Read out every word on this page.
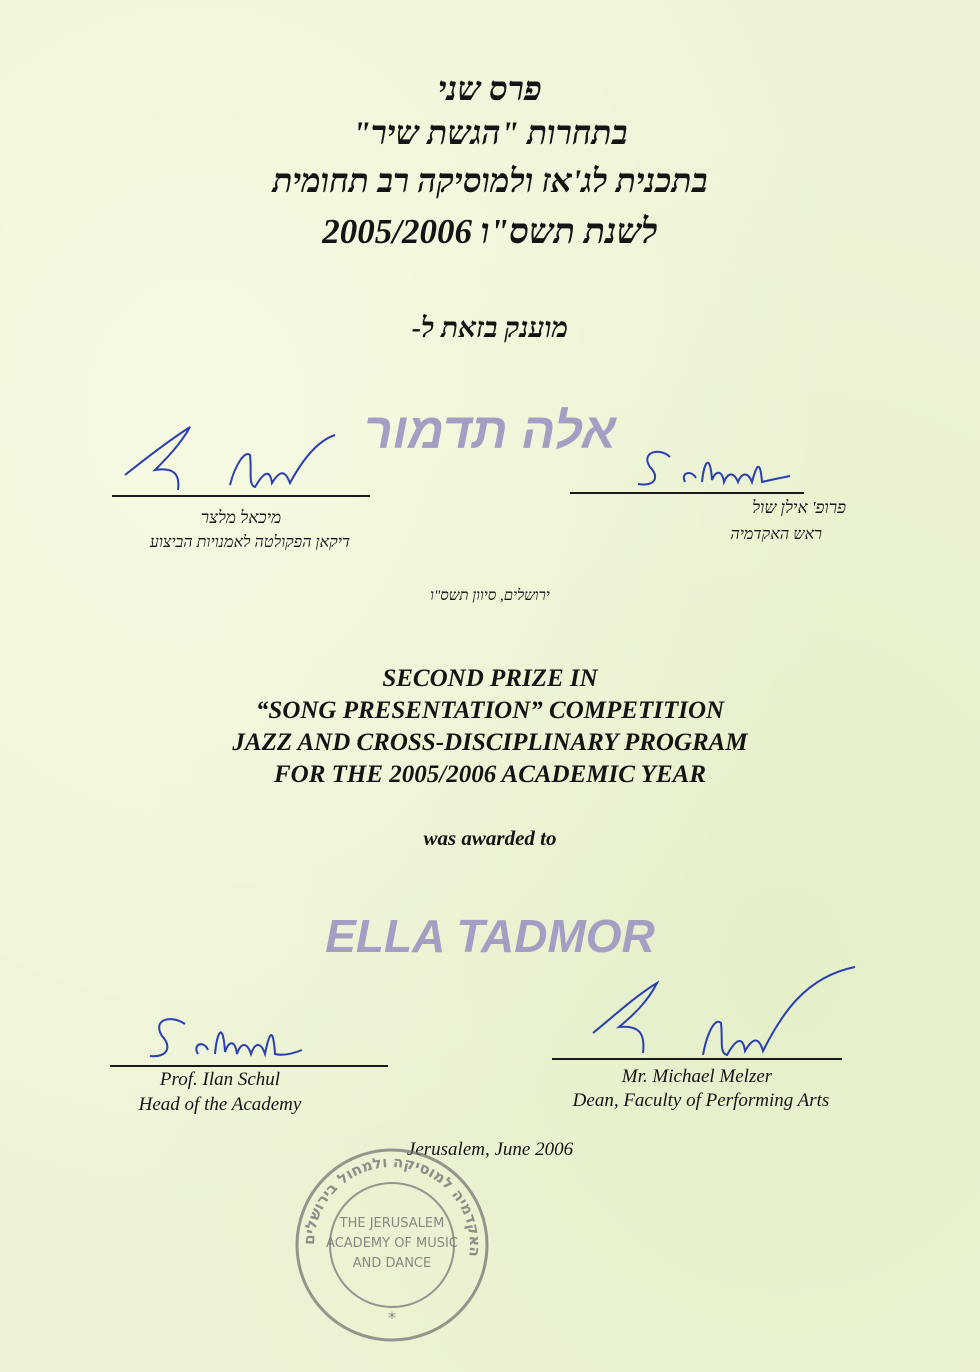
פרס שני

בתחרות "הגשת שיר"

בתכנית לג'אז ולמוסיקה רב תחומית

לשנת תשס"ו 2005/2006

מוענק בזאת ל-

אלה תדמור

מיכאל מלצר

דיקאן הפקולטה לאמנויות הביצוע

פרופ' אילן שול

ראש האקדמיה

ירושלים, סיוון תשס"ו

SECOND PRIZE IN

“SONG PRESENTATION” COMPETITION

JAZZ AND CROSS-DISCIPLINARY PROGRAM

FOR THE 2005/2006 ACADEMIC YEAR

was awarded to

ELLA TADMOR

Prof. Ilan Schul

Head of the Academy

Mr. Michael Melzer

Dean, Faculty of Performing Arts

Jerusalem, June 2006

האקדמיה למוסיקה ולמחול בירושלים
THE JERUSALEM
ACADEMY OF MUSIC
AND DANCE
*
